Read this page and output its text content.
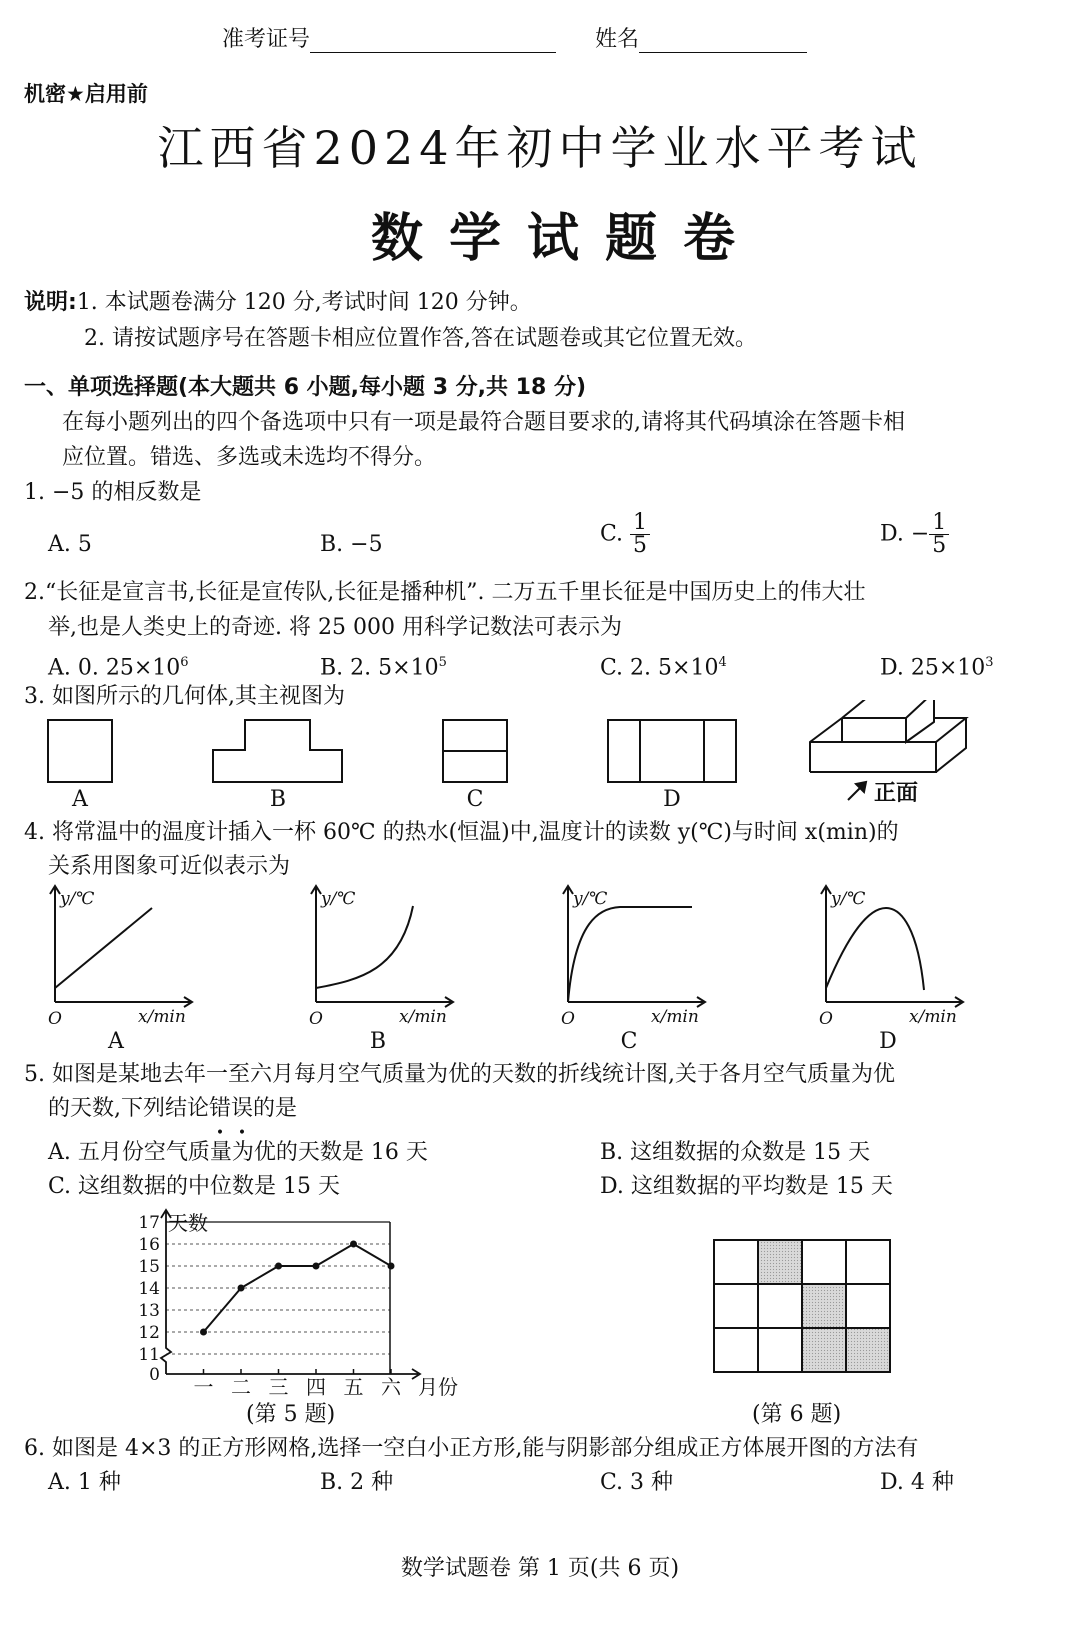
准考证号	姓名
机密★启用前
江西省2024年初中学业水平考试
数学试题卷
说明:1. 本试题卷满分 120 分,考试时间 120 分钟。
2. 请按试题序号在答题卡相应位置作答,答在试题卷或其它位置无效。
一、单项选择题(本大题共 6 小题,每小题 3 分,共 18 分)
在每小题列出的四个备选项中只有一项是最符合题目要求的,请将其代码填涂在答题卡相
应位置。错选、多选或未选均不得分。
1. −5 的相反数是
A. 5	B. −5	C. $\frac{1}{5}$	D. − $\frac{1}{5}$
2.“长征是宣言书,长征是宣传队,长征是播种机”. 二万五千里长征是中国历史上的伟大壮
举,也是人类史上的奇迹. 将 25 000 用科学记数法可表示为
A. 0. $25\times 10^6$	B. 2. $5\times 10^5$	C. 2. $5\times 10^4$	D. $25\times 10^3$
3. 如图所示的几何体,其主视图为
A	B	C	D	正面
4. 将常温中的温度计插入一杯 60℃ 的热水(恒温)中,温度计的读数 y(℃)与时间 x(min)的
关系用图象可近似表示为
y/℃	y/℃	y/℃	y/℃
x/min	x/min	x/min	x/min
O	O	O	O
A	B	C	D
5. 如图是某地去年一至六月每月空气质量为优的天数的折线统计图,关于各月空气质量为优
的天数,下列结论错误的是
A. 五月份空气质量为优的天数是 16 天	B. 这组数据的众数是 15 天
C. 这组数据的中位数是 15 天	D. 这组数据的平均数是 15 天
0
11
12
13
14
15
16
17
一 二 三 四 五 六
天数
月份
(第 5 题)	(第 6 题)
6. 如图是 4×3 的正方形网格,选择一空白小正方形,能与阴影部分组成正方体展开图的方法有
A. 1 种	B. 2 种	C. 3 种	D. 4 种
数学试题卷 第 1 页(共 6 页)
